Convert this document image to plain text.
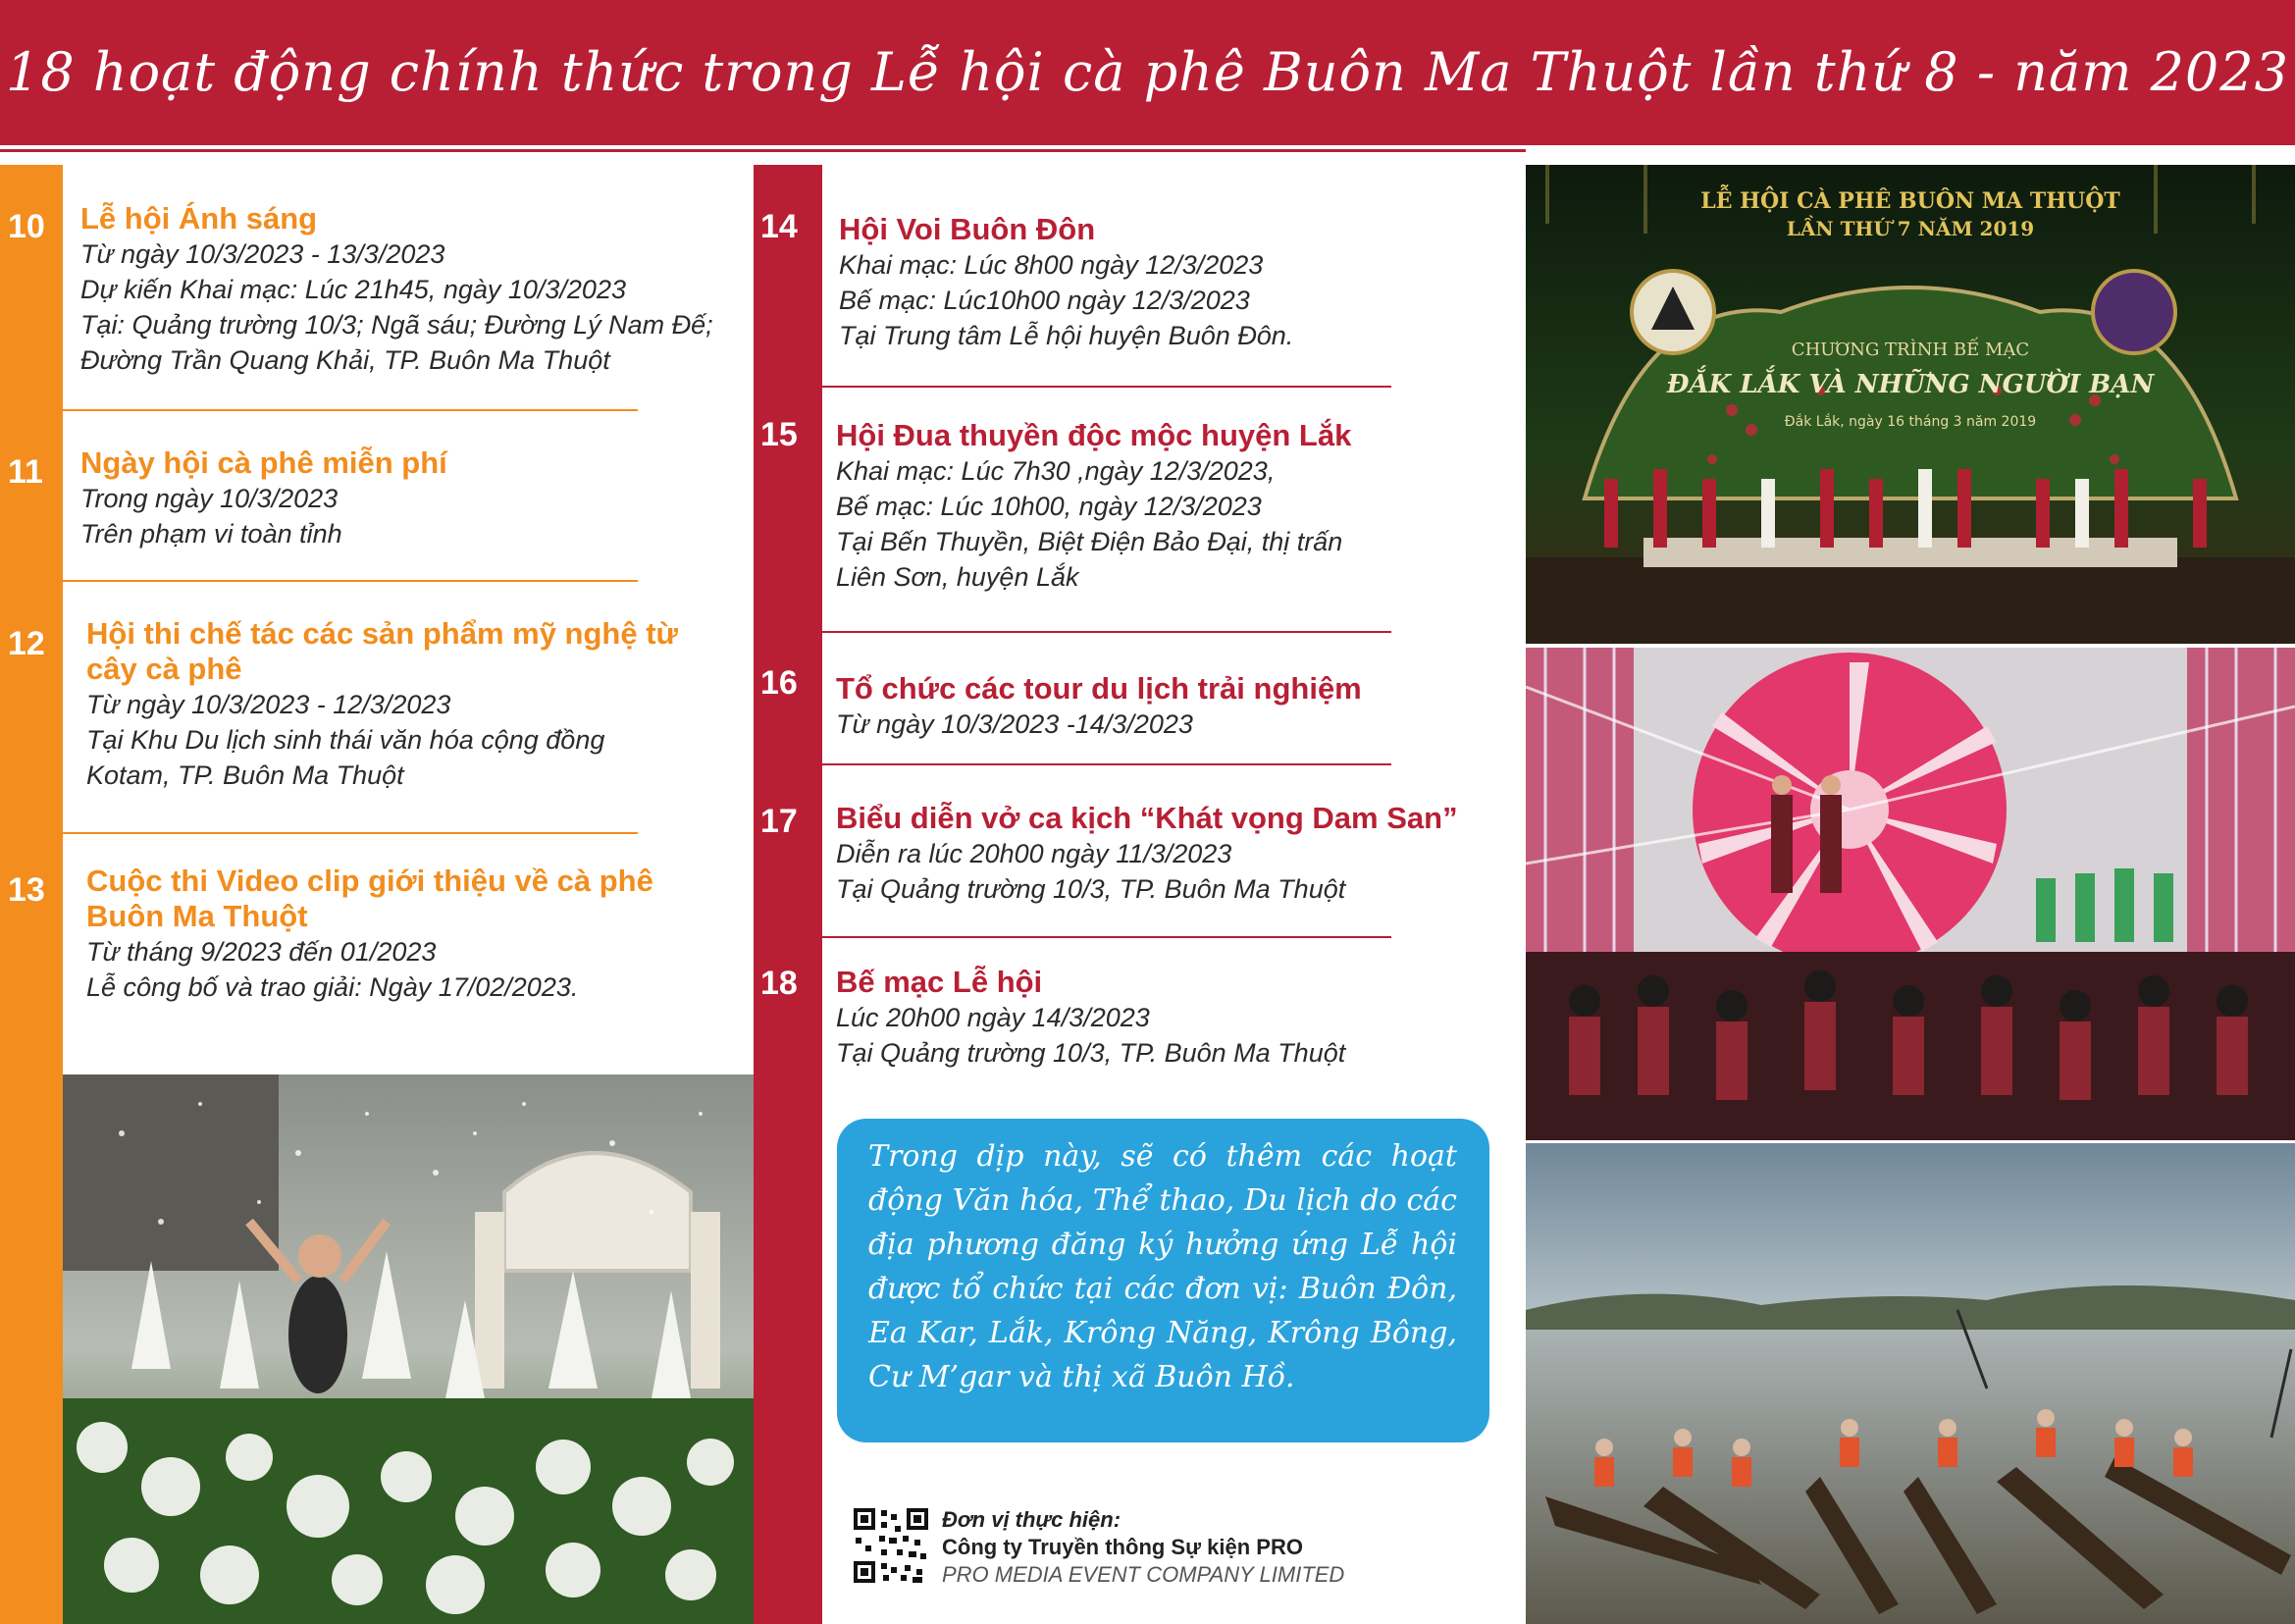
18 hoạt động chính thức trong Lễ hội cà phê Buôn Ma Thuột lần thứ 8 - năm 2023
10 Lễ hội Ánh sáng

Từ ngày 10/3/2023 - 13/3/2023

Dự kiến Khai mạc: Lúc 21h45, ngày 10/3/2023

Tại: Quảng trường 10/3; Ngã sáu; Đường Lý Nam Đế;

Đường Trần Quang Khải, TP. Buôn Ma Thuột

11 Ngày hội cà phê miễn phí

Trong ngày 10/3/2023

Trên phạm vi toàn tỉnh

12 Hội thi chế tác các sản phẩm mỹ nghệ từ

cây cà phê

Từ ngày 10/3/2023 - 12/3/2023

Tại Khu Du lịch sinh thái văn hóa cộng đồng

Kotam, TP. Buôn Ma Thuột

13 Cuộc thi Video clip giới thiệu về cà phê

Buôn Ma Thuột

Từ tháng 9/2023 đến 01/2023

Lễ công bố và trao giải: Ngày 17/02/2023.

14 Hội Voi Buôn Đôn

Khai mạc: Lúc 8h00 ngày 12/3/2023

Bế mạc: Lúc10h00 ngày 12/3/2023

Tại Trung tâm Lễ hội huyện Buôn Đôn.

15 Hội Đua thuyền độc mộc huyện Lắk

Khai mạc: Lúc 7h30 ,ngày 12/3/2023,

Bế mạc: Lúc 10h00, ngày 12/3/2023

Tại Bến Thuyền, Biệt Điện Bảo Đại, thị trấn

Liên Sơn, huyện Lắk

16 Tổ chức các tour du lịch trải nghiệm

Từ ngày 10/3/2023 -14/3/2023

17 Biểu diễn vở ca kịch “Khát vọng Dam San”

Diễn ra lúc 20h00 ngày 11/3/2023

Tại Quảng trường 10/3, TP. Buôn Ma Thuột

18 Bế mạc Lễ hội

Lúc 20h00 ngày 14/3/2023

Tại Quảng trường 10/3, TP. Buôn Ma Thuột

Trong dịp này, sẽ có thêm các hoạt động Văn hóa, Thể thao, Du lịch do các địa phương đăng ký hưởng ứng Lễ hội được tổ chức tại các đơn vị: Buôn Đôn, Ea Kar, Lắk, Krông Năng, Krông Bông, Cư M’gar và thị xã Buôn Hồ.

Đơn vị thực hiện:

Công ty Truyền thông Sự kiện PRO

PRO MEDIA EVENT COMPANY LIMITED

LỄ HỘI CÀ PHÊ BUÔN MA THUỘT
LẦN THỨ 7 NĂM 2019
CHƯƠNG TRÌNH BẾ MẠC
ĐẮK LẮK VÀ NHỮNG NGƯỜI BẠN
Đắk Lắk, ngày 16 tháng 3 năm 2019
